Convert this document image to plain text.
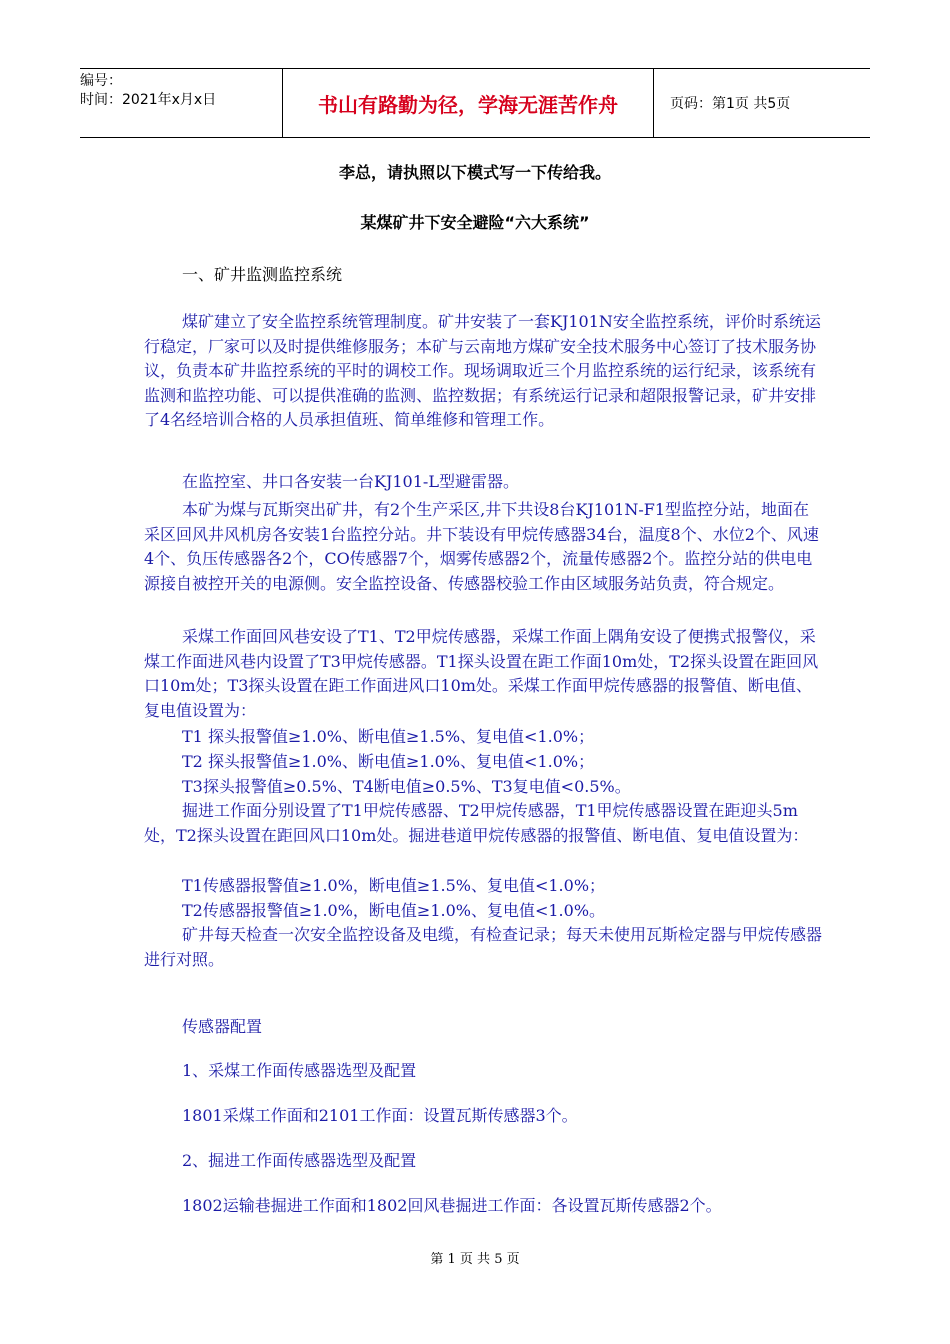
编号：
时间：2021年x月x日	书山有路勤为径，学海无涯苦作舟	页码：第1页 共5页
李总，请执照以下模式写一下传给我。
某煤矿井下安全避险“六大系统”
一、矿井监测监控系统

煤矿建立了安全监控系统管理制度。矿井安装了一套KJ101N安全监控系统，评价时系统运行稳定，厂家可以及时提供维修服务；本矿与云南地方煤矿安全技术服务中心签订了技术服务协议，负责本矿井监控系统的平时的调校工作。现场调取近三个月监控系统的运行纪录，该系统有监测和监控功能、可以提供准确的监测、监控数据；有系统运行记录和超限报警记录，矿井安排了4名经培训合格的人员承担值班、简单维修和管理工作。

在监控室、井口各安装一台KJ101-L型避雷器。

本矿为煤与瓦斯突出矿井，有2个生产采区,井下共设8台KJ101N-F1型监控分站，地面在采区回风井风机房各安装1台监控分站。井下装设有甲烷传感器34台，温度8个、水位2个、风速4个、负压传感器各2个，CO传感器7个，烟雾传感器2个，流量传感器2个。监控分站的供电电源接自被控开关的电源侧。安全监控设备、传感器校验工作由区域服务站负责，符合规定。

采煤工作面回风巷安设了T1、T2甲烷传感器，采煤工作面上隅角安设了便携式报警仪，采煤工作面进风巷内设置了T3甲烷传感器。T1探头设置在距工作面10m处，T2探头设置在距回风口10m处；T3探头设置在距工作面进风口10m处。采煤工作面甲烷传感器的报警值、断电值、复电值设置为：

T1 探头报警值≥1.0%、断电值≥1.5%、复电值<1.0%；
T2 探头报警值≥1.0%、断电值≥1.0%、复电值<1.0%；
T3探头报警值≥0.5%、T4断电值≥0.5%、T3复电值<0.5%。

掘进工作面分别设置了T1甲烷传感器、T2甲烷传感器，T1甲烷传感器设置在距迎头5m处，T2探头设置在距回风口10m处。掘进巷道甲烷传感器的报警值、断电值、复电值设置为：

T1传感器报警值≥1.0%，断电值≥1.5%、复电值<1.0%；
T2传感器报警值≥1.0%，断电值≥1.0%、复电值<1.0%。

矿井每天检查一次安全监控设备及电缆，有检查记录；每天未使用瓦斯检定器与甲烷传感器进行对照。

传感器配置
1、采煤工作面传感器选型及配置
1801采煤工作面和2101工作面：设置瓦斯传感器3个。
2、掘进工作面传感器选型及配置
1802运输巷掘进工作面和1802回风巷掘进工作面：各设置瓦斯传感器2个。
第 1 页 共 5 页
